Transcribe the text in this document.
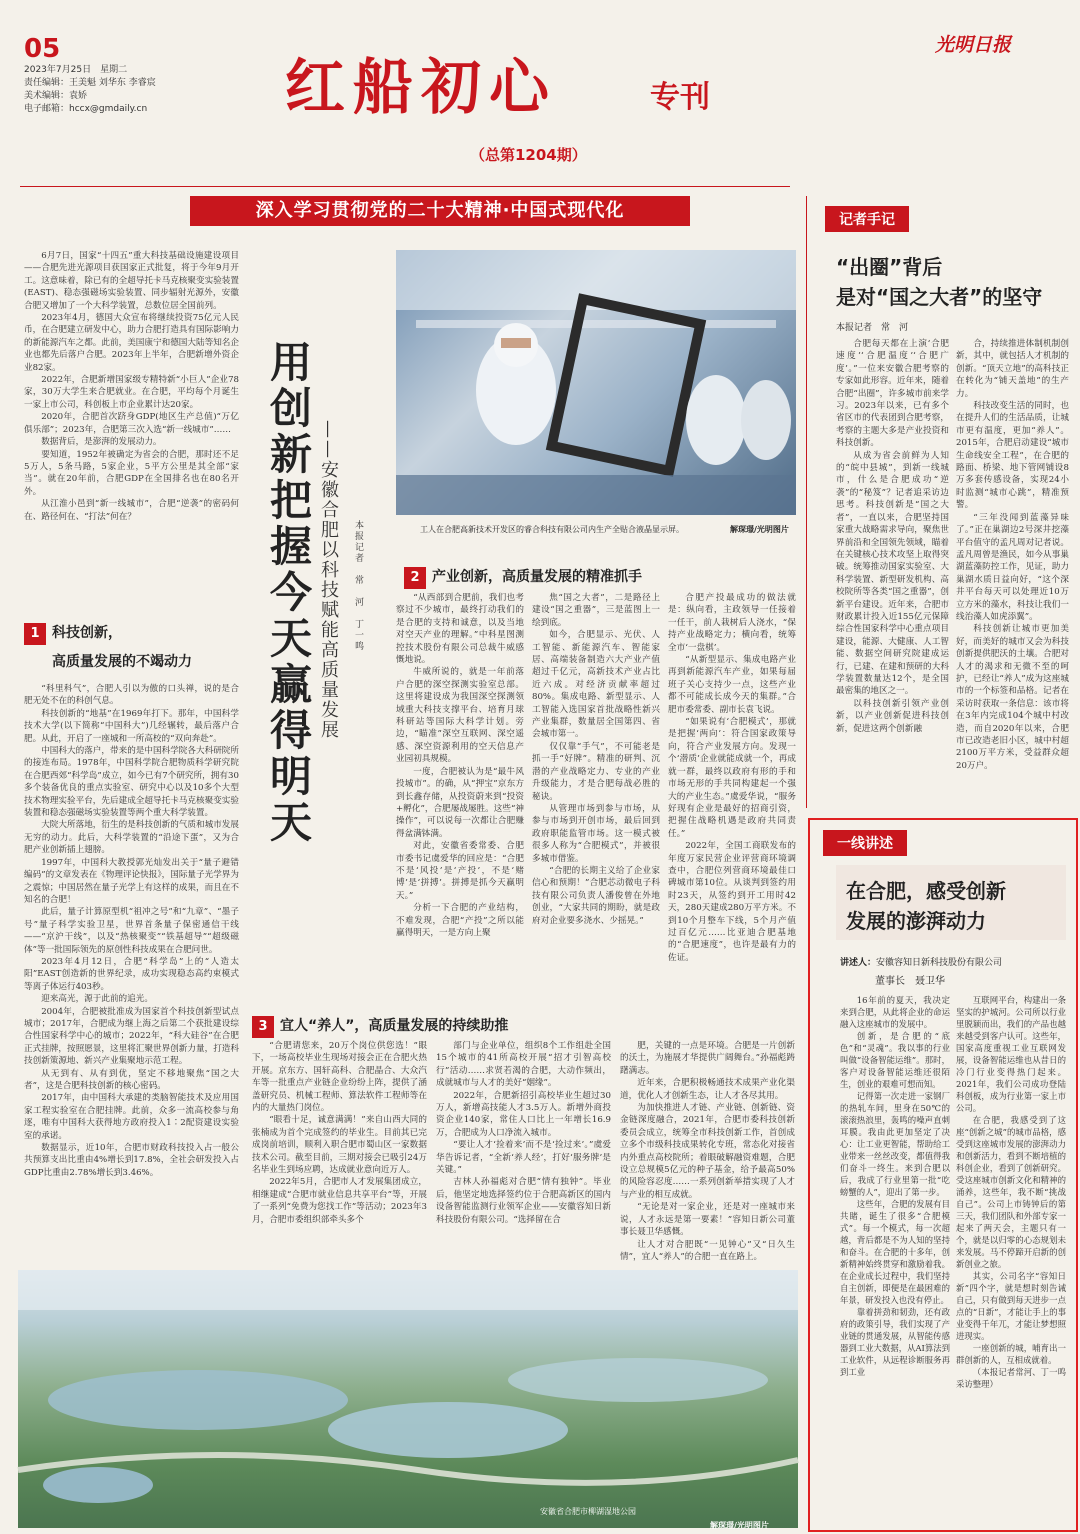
05
2023年7月25日　星期二
责任编辑：王美魁 刘华东 李睿宸
美术编辑：袁娇
电子邮箱：hccx@gmdaily.cn	红船初心	专刊
光明日报
（总第1204期）
深入学习贯彻党的二十大精神·中国式现代化

6月7日，国家“十四五”重大科技基础设施建设项目——合肥先进光源项目获国家正式批复，将于今年9月开工。这意味着，除已有的全超导托卡马克核聚变实验装置(EAST)、稳态强磁场实验装置、同步辐射光源外，安徽合肥又增加了一个大科学装置，总数位居全国前列。

2023年4月，德国大众宣布将继续投资75亿元人民币，在合肥建立研发中心，助力合肥打造具有国际影响力的新能源汽车之都。此前，美国康宁和德国大陆等知名企业也都先后落户合肥。2023年上半年，合肥新增外资企业82家。

2022年，合肥新增国家级专精特新“小巨人”企业78家，30万大学生来合肥就业。在合肥，平均每个月诞生一家上市公司，科创板上市企业累计达20家。

2020年，合肥首次跻身GDP(地区生产总值)“万亿俱乐部”；2023年，合肥第三次入选“新一线城市”……

数据背后，是澎湃的发展动力。

要知道，1952年被确定为省会的合肥，那时还不足5万人，5条马路，5家企业，5平方公里是其全部“家当”。就在20年前，合肥GDP在全国排名也在80名开外。

从江淮小邑到“新一线城市”，合肥“逆袭”的密码何在、路径何在、“打法”何在？	用创新把握今天赢得明天 ——安徽合肥以科技赋能高质量发展 本报记者　常　河　丁一鸣	工人在合肥高新技术开发区的睿合科技有限公司内生产全贴合液晶显示屏。	解琛璟/光明图片
1 科技创新，
高质量发展的不竭动力

“科里科气”，合肥人引以为傲的口头禅，说的是合肥无处不在的科创气息。

科技创新的“地基”在1969年打下。那年，中国科学技术大学(以下简称“中国科大”)几经辗转，最后落户合肥。从此，开启了一座城和一所高校的“双向奔赴”。

中国科大的落户，带来的是中国科学院各大科研院所的接连布局。1978年，中国科学院合肥物质科学研究院在合肥西郊“科学岛”成立，如今已有7个研究所，拥有30多个装备优良的重点实验室、研究中心以及10多个大型技术物理实验平台，先后建成全超导托卡马克核聚变实验装置和稳态强磁场实验装置等两个重大科学装置。

大院大所落地，衍生的是科技创新的气质和城市发展无穷的动力。此后，大科学装置的“沿途下蛋”，又为合肥产业创新插上翅膀。

1997年，中国科大教授郭光灿发出关于“量子避错编码”的文章发表在《物理评论快报》，国际量子光学界为之震惊；中国居然在量子光学上有这样的成果，而且在不知名的合肥！

此后，量子计算原型机“祖冲之号”和“九章”、“墨子号”量子科学实验卫星，世界首条量子保密通信干线——“京沪干线”，以及“热核聚变”“铁基超导”“超级磁体”等一批国际领先的原创性科技成果在合肥问世。

2023年4月12日，合肥“科学岛”上的“人造太阳”EAST创造新的世界纪录，成功实现稳态高约束模式等离子体运行403秒。

迎来高光，源于此前的追光。

2004年，合肥被批准成为国家首个科技创新型试点城市；2017年，合肥成为继上海之后第二个获批建设综合性国家科学中心的城市；2022年，“科大硅谷”在合肥正式挂牌，按照愿景，这里将汇聚世界创新力量，打造科技创新策源地、新兴产业集聚地示范工程。

从无到有、从有到优，坚定不移地聚焦“国之大者”，这是合肥科技创新的核心密码。

2017年，由中国科大承建的类脑智能技术及应用国家工程实验室在合肥挂牌。此前，众多一流高校参与角逐，唯有中国科大获得地方政府投入1∶2配资建设实验室的承诺。

数据显示，近10年，合肥市财政科技投入占一般公共预算支出比重由4%增长到17.8%，全社会研发投入占GDP比重由2.78%增长到3.46%。

2 产业创新，高质量发展的精准抓手

“从西部到合肥前，我们也考察过不少城市，最终打动我们的是合肥的支持和诚意，以及当地对空天产业的理解。”中科星图测控技术股份有限公司总裁牛威感慨地说。

牛威所说的，就是一年前落户合肥的深空探测实验室总部。这里将建设成为我国深空探测领域重大科技支撑平台、培育月球科研站等国际大科学计划。旁边，“瞄准”深空互联网、深空遥感、深空资源利用的空天信息产业园初具规模。

一度，合肥被认为是“最牛风投城市”。的确，从“押宝”京东方到长鑫存储，从投资蔚来到“投资+孵化”，合肥屡战屡胜。这些“神操作”，可以说每一次都让合肥赚得盆满钵满。

对此，安徽省委常委、合肥市委书记虞爱华的回应是：“合肥不是‘风投’是‘产投’，不是‘赌博’是‘拼搏’。拼搏是抓今天赢明天。”

分析一下合肥的产业结构，不难发现，合肥“产投”之所以能赢得明天，一是方向上聚

焦“国之大者”，二是路径上建设“国之重器”，三是蓝图上一绘到底。

如今，合肥显示、光伏、人工智能、新能源汽车、智能家居、高端装备制造六大产业产值超过千亿元，高新技术产业占比近六成。对经济贡献率超过80%。集成电路、新型显示、人工智能入选国家首批战略性新兴产业集群，数量居全国第四、省会城市第一。

仅仅靠“手气”，不可能老是抓一手“好牌”。精准的研判、沉潜的产业战略定力、专业的产业升级能力，才是合肥每战必胜的秘诀。

从管理市场到参与市场，从参与市场到开创市场，最后回到政府职能监管市场。这一模式被很多人称为“合肥模式”，并被很多城市借鉴。

“合肥的长期主义给了企业家信心和预期！”合肥芯动微电子科技有限公司负责人潘俊曾在外地创业，“大家共同的期盼，就是政府对企业要多浇水、少摇晃。”

合肥产投最成功的做法就是：纵向看，主政领导一任接着一任干，前人栽树后人浇水，“保持产业战略定力；横向看，统筹全市‘一盘棋’。

“从新型显示、集成电路产业再到新能源汽车产业，如果每届班子关心支持少一点，这些产业都不可能成长成今天的集群。”合肥市委常委、副市长袁飞说。

“如果说有‘合肥模式’，那就是把握‘两向’：符合国家政策导向，符合产业发展方向。发现一个‘潜质’企业就能成就一个，再成就一群，最终以政府有形的手和市场无形的手共同构建起一个强大的产业生态。”虞爱华说，“服务好现有企业是最好的招商引资，把握住战略机遇是政府共同责任。”

2022年，全国工商联发布的年度万家民营企业评营商环境调查中，合肥位列营商环境最佳口碑城市第10位。从谈判到签约用时23天，从签约到开工用时42天，280天建成280万平方米。不到10个月整车下线，5个月产值过百亿元……比亚迪合肥基地的“合肥速度”，也许是最有力的佐证。

3 宜人“养人”，高质量发展的持续助推

“合肥请您来，20万个岗位供您选！”眼下，一场高校毕业生现场对接会正在合肥火热开展。京东方、国轩高科、合肥晶合、大众汽车等一批重点产业链企业纷纷上阵，提供了涵盖研究员、机械工程师、算法软件工程师等在内的大量热门岗位。

“眼看十足，诚意满满！”来自山西大同的张楠成为首个完成签约的毕业生。目前其已完成岗前培训，顺利入职合肥市蜀山区一家数据技术公司。截至目前，三期对接会已吸引24万名毕业生到场应聘，达成就业意向近万人。

2022年5月，合肥市人才发展集团成立，相继建成“合肥市就业信息共享平台”等，开展了一系列“免费为您找工作”等活动；2023年3月，合肥市委组织部牵头多个

部门与企业单位，组织8个工作组赴全国15个城市的41所高校开展“招才引智高校行”活动……求贤若渴的合肥，大动作频出，成就城市与人才的美好“姻缘”。

2022年，合肥新招引高校毕业生超过30万人，新增高技能人才3.5万人。新增外商投资企业140家，常住人口比上一年增长16.9万，合肥成为人口净流入城市。

“要让人才‘捡着来’而不是‘捡过来’。”虞爱华告诉记者，“全新‘养人经’，打好‘服务牌’是关键。”

吉林人孙福彪对合肥“情有独钟”。毕业后，他坚定地选择签约位于合肥高新区的国内设备智能监测行业领军企业——安徽容知日新科技股份有限公司。“选择留在合

肥，关键的一点是环境。合肥是一片创新的沃土，为施展才华提供广阔舞台。”孙福彪踌躇满志。

近年来，合肥积极畅通技术成果产业化渠道，优化人才创新生态，让人才各尽其用。

为加快推进人才链、产业链、创新链、资金链深度融合，2021年，合肥市委科技创新委员会成立，统筹全市科技创新工作，首创成立多个市级科技成果转化专班，常态化对接省内外重点高校院所；着眼破解融资难题，合肥设立总规模5亿元的种子基金，给予最高50%的风险容忍度……一系列创新举措实现了人才与产业的相互成就。

“无论是对一家企业，还是对一座城市来说，人才永远是第一要素！”容知日新公司董事长聂卫华感慨。

让人才对合肥既“一见钟心”又“日久生情”，宜人“养人”的合肥一直在路上。

安徽省合肥市柳湖湿地公园
解琛璟/光明图片
记者手记
“出圈”背后
是对“国之大者”的坚守
本报记者　常　河

合肥每天都在上演‘合肥速度’‘合肥温度’‘合肥广度’。”一位来安徽合肥考察的专家如此形容。近年来，随着合肥“出圈”，许多城市前来学习。2023年以来，已有多个省区市的代表团到合肥考察，考察的主题大多是产业投资和科技创新。

从成为省会前鲜为人知的“皖中县城”，到新一线城市，什么是合肥成功“逆袭”的“秘笈”？记者追采访边思考。科技创新是“国之大者”，一直以来，合肥坚持国家重大战略需求导向，聚焦世界前沿和全国领先领域，瞄着在关键核心技术攻坚上取得突破。统筹推动国家实验室、大科学装置、新型研发机构、高校院所等各类“国之重器”，创新平台建设。近年来，合肥市财政累计投入近155亿元保障综合性国家科学中心重点项目建设，能源、大健康、人工智能、数据空间研究院建成运行，已建、在建和预研的大科学装置数量达12个，是全国最密集的地区之一。

以科技创新引领产业创新，以产业创新促进科技创新，促进这两个创新融

合，持续推进体制机制创新，其中，就包括人才机制的创新。“顶天立地”的高科技正在转化为“铺天盖地”的生产力。

科技改变生活的同时，也在提升人们的生活品质，让城市更有温度，更加“养人”。2015年，合肥启动建设“城市生命线安全工程”，在合肥的路面、桥梁、地下管网铺设8万多套传感设备，实现24小时监测“城市心跳”，精准预警。

“三年没闻到蓝藻异味了。”正在巢湖边2号深井挖藻平台值守的孟凡周对记者说。孟凡周曾是渔民，如今从事巢湖蓝藻防控工作，见证，助力巢湖水质日益向好，“这个深井平台每天可以处理近10万立方米的藻水，科技让我们一线治藻人如虎添翼”。

科技创新让城市更加美好，而美好的城市又会为科技创新提供肥沃的土壤。合肥对人才的渴求和无微不至的呵护，已经让“养人”成为这座城市的一个标签和品格。记者在采访时获取一条信息：该市将在3年内完成104个城中村改造，而自2020年以来，合肥市已改造老旧小区，城中村超2100万平方米，受益群众超20万户。

一线讲述
在合肥，感受创新
发展的澎湃动力
讲述人：安徽容知日新科技股份有限公司
董事长　聂卫华

16年前的夏天，我决定来到合肥，从此将企业的命运融入这座城市的发展中。

创新，是合肥的“底色”和“灵魂”。我以事的行业叫做“设备智能运维”。那时，客户对设备智能运维还很陌生，创业的艰难可想而知。

记得第一次走进一家钢厂的热轧车间，里身在50℃的滚滚热浪里，轰鸣的噪声直刺耳膜。我由此更加坚定了决心：让工业更智能，帮助给工业带来一丝丝改变，都值得我们奋斗一终生。来到合肥以后，我成了行业里第一批“吃螃蟹的人”，迎出了第一步。

这些年，合肥的发展有目共睹，诞生了很多“合肥模式”。每一个模式，每一次超越，背后都是不为人知的坚持和奋斗。在合肥的十多年，创新精神始终贯穿和激励着我。在企业成长过程中，我们坚持自主创新，即便是在最困难的年景，研发投入也没有停止。

靠着拼劲和韧劲，还有政府的政策引导，我们实现了产业链的贯通发展，从智能传感器到工业大数据，从AI算法到工业软件，从远程诊断服务再到工业

互联网平台，构建出一条坚实的护城河。公司所以行业里脱颖而出，我们的产品也越来越受到客户认可。这些年，国家高度重视工业互联网发展，设备智能运维也从昔日的冷门行业变得热门起来。2021年，我们公司成功登陆科创板，成为行业第一家上市公司。

在合肥，我感受到了这座“创新之城”的城市品格，感受到这座城市发展的澎湃动力和创新活力，看到不断培植的科创企业，看到了创新研究。受这座城市创新文化和精神的涌养，这些年，我不断“挑战自己”。公司上市铸钟后的第三天，我们团队和外部专家一起来了两天会，主题只有一个，就是以归零的心态规划未来发展。马不停蹄开启新的创新创业之旅。

其实，公司名字“容知日新”四个字，就是想时刻告诫自己，只有做到每天进步一点点的“日新”，才能让手上的事业变得千年兀，才能让梦想照进现实。

一座创新的城，哺育出一群创新的人，互相成就着。

（本报记者常河、丁一鸣采访整理）
